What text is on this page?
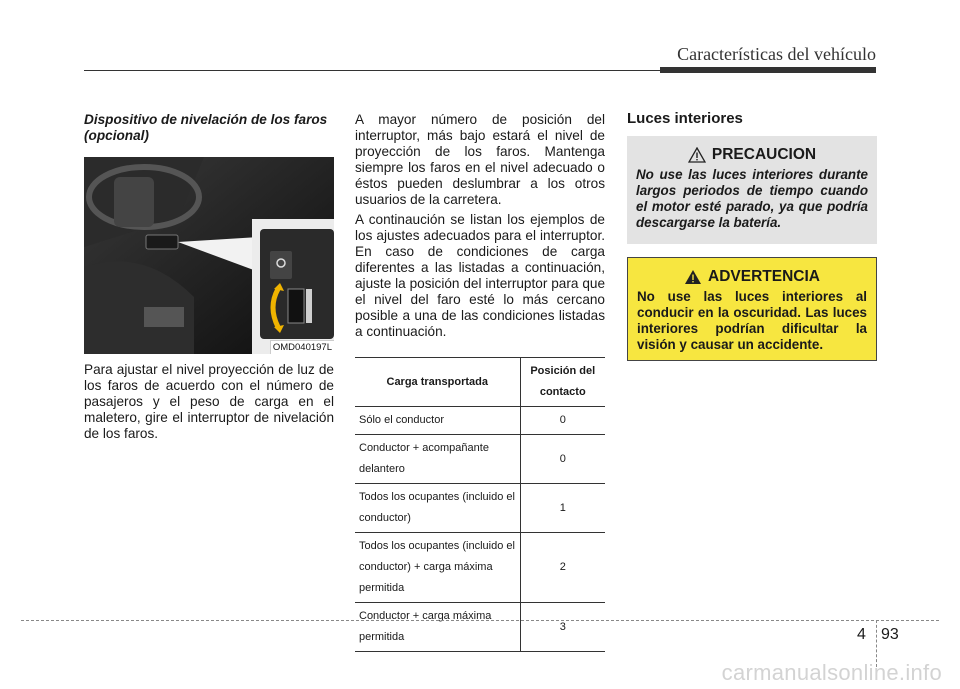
Características del vehículo
Dispositivo de nivelación de los faros (opcional)
OMD040197L
Para ajustar el nivel proyección de luz de los faros de acuerdo con el número de pasajeros y el peso de carga en el maletero, gire el interruptor de nivelación de los faros.
A mayor número de posición del interruptor, más bajo estará el nivel de proyección de los faros. Mantenga siempre los faros en el nivel adecuado o éstos pueden deslumbrar a los otros usuarios de la carretera.
A continaución se listan los ejemplos de los ajustes adecuados para el interruptor. En caso de condiciones de carga diferentes a las listadas a continuación, ajuste la posición del interruptor para que el nivel del faro esté lo más cercano posible a una de las condiciones listadas a continuación.
Carga transportada	Posición del contacto
Sólo el conductor	0
Conductor + acompañante delantero	0
Todos los ocupantes (incluido el conductor)	1
Todos los ocupantes (incluido el conductor) + carga máxima permitida	2
Conductor + carga máxima permitida	3
Luces interiores
PRECAUCION
No use las luces interiores durante largos periodos de tiempo cuando el motor esté parado, ya que podría descargarse la batería.
ADVERTENCIA
No use las luces interiores al conducir en la oscuridad. Las luces interiores podrían dificultar la visión y causar un accidente.
4 93
carmanualsonline.info
